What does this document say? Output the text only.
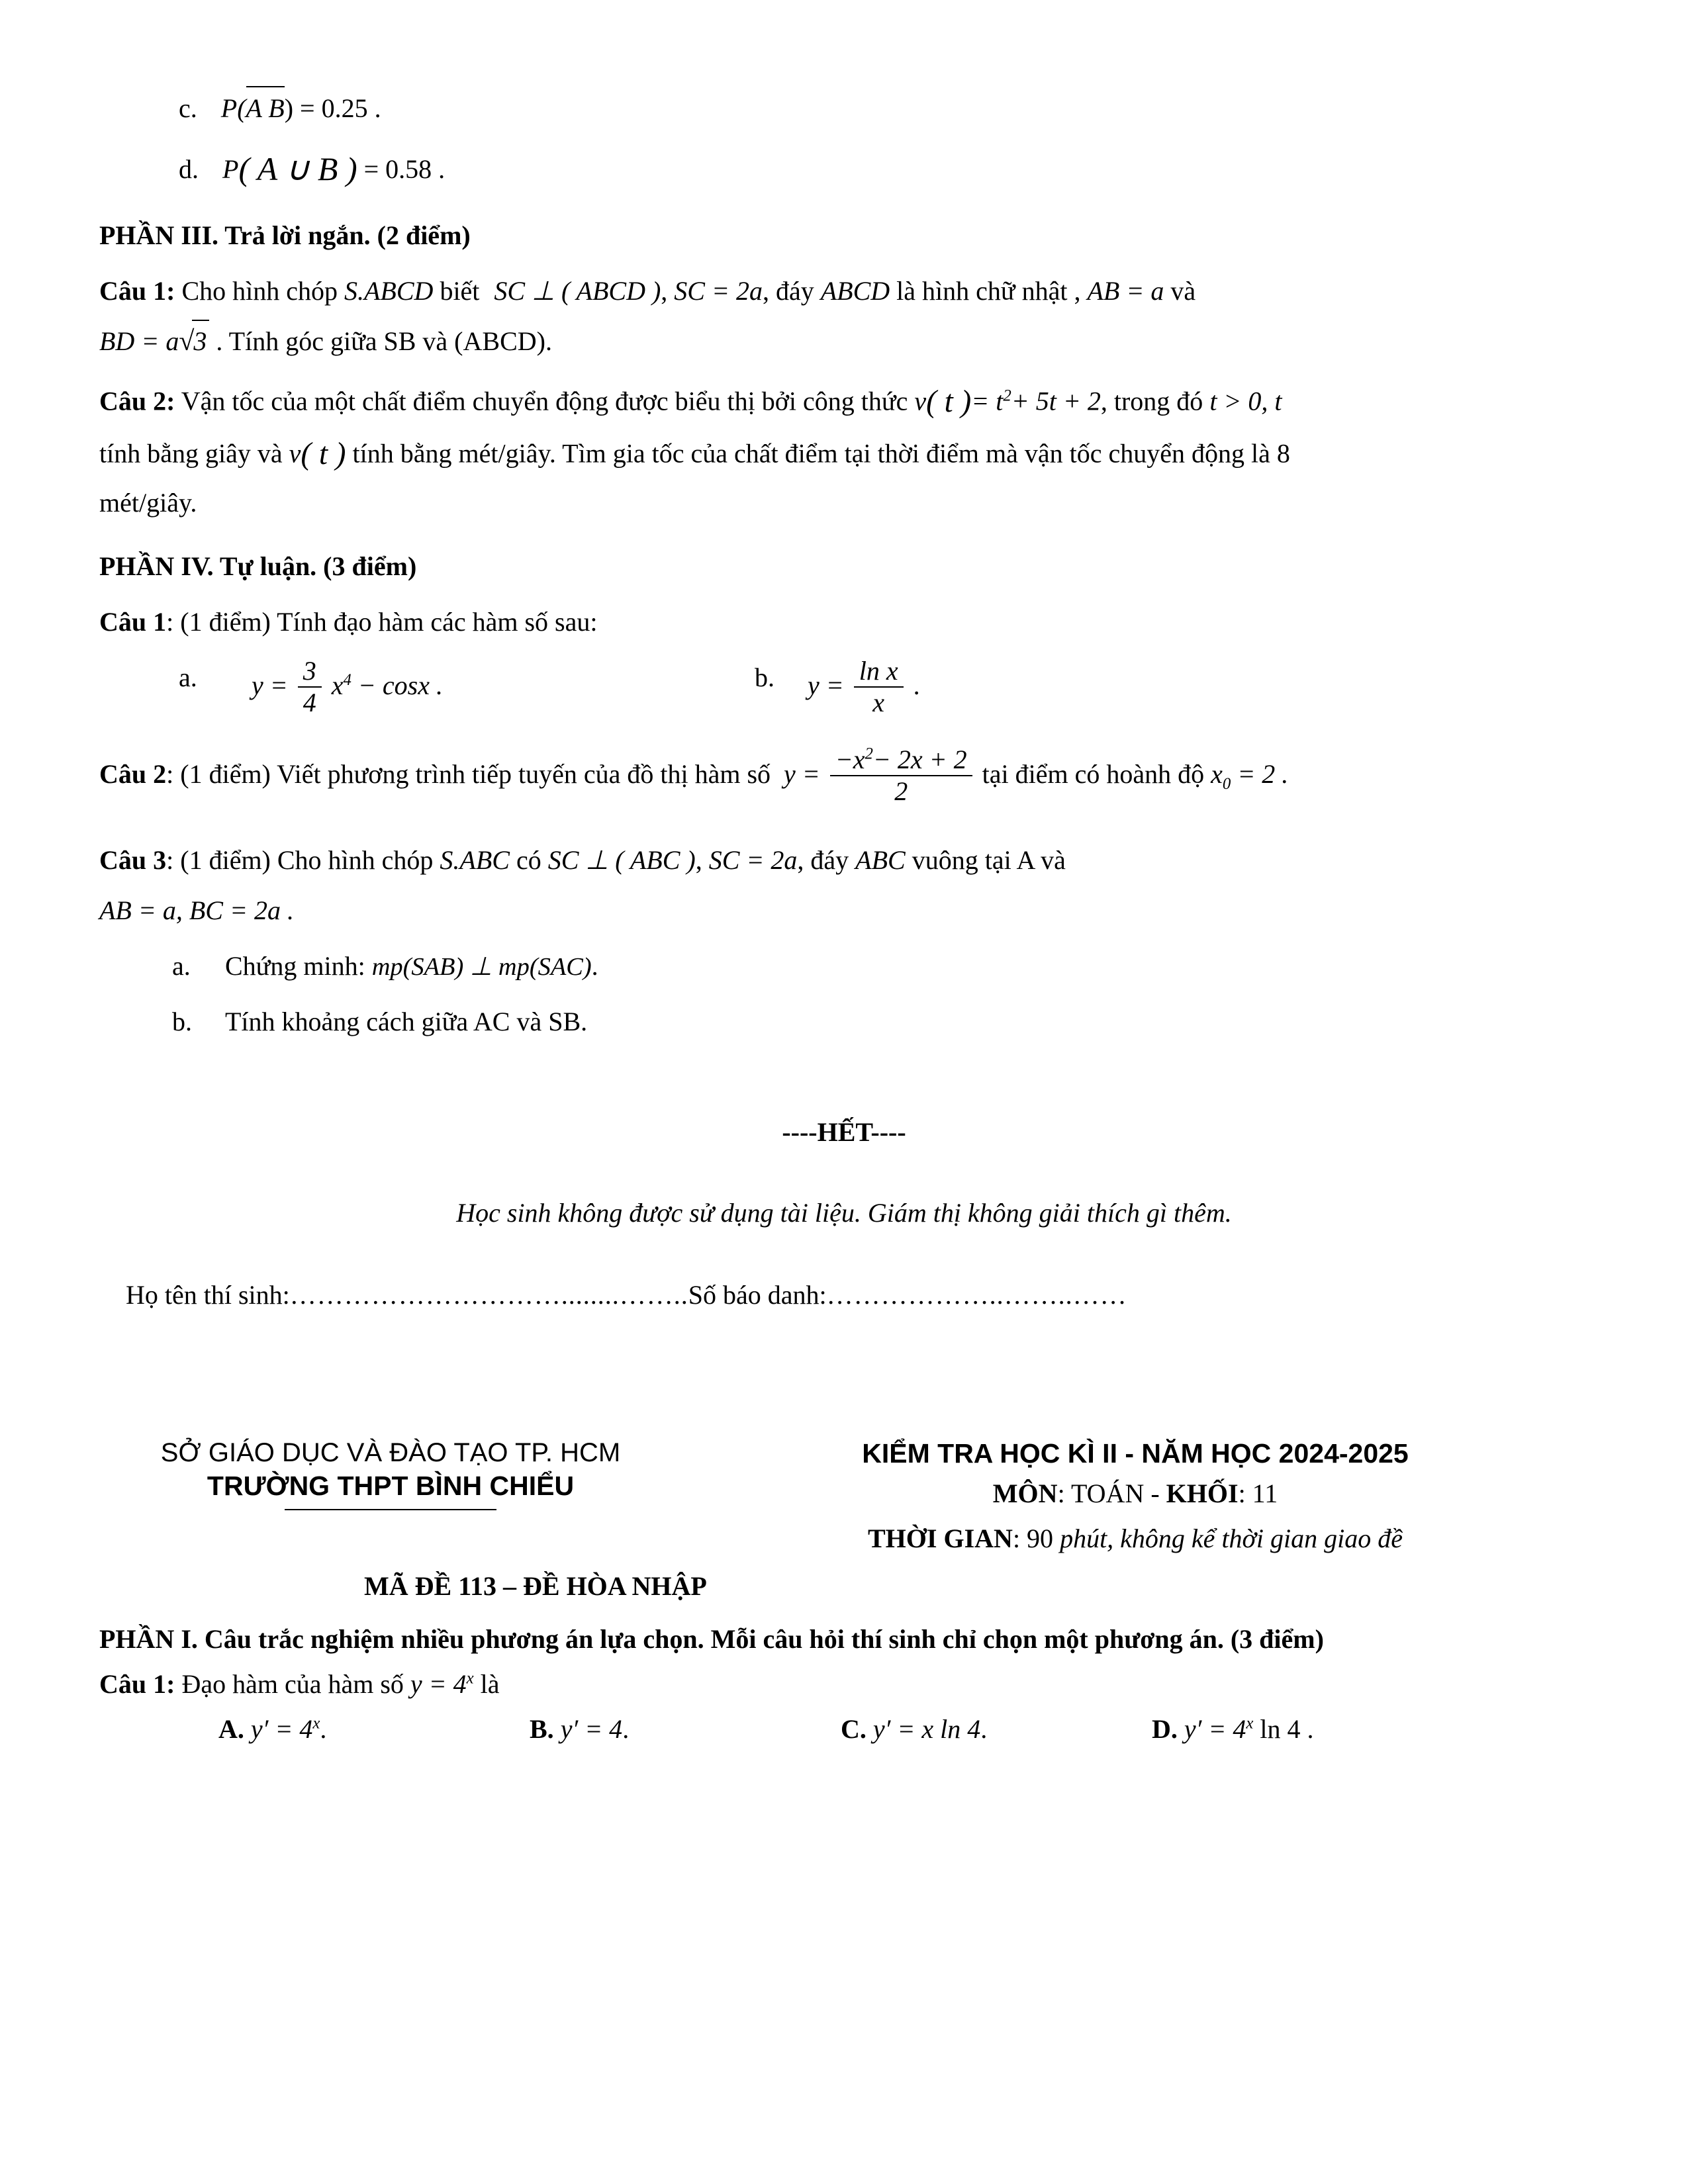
c. P(A B) = 0.25 .
d. P( A ∪ B ) = 0.58 .
PHẦN III. Trả lời ngắn. (2 điểm)
Câu 1: Cho hình chóp S.ABCD biết SC ⊥ ( ABCD ), SC = 2a, đáy ABCD là hình chữ nhật , AB = a và
BD = a√3 . Tính góc giữa SB và (ABCD).
Câu 2: Vận tốc của một chất điểm chuyển động được biểu thị bởi công thức v( t )= $t^2+ 5t + 2$, trong đó t > 0, t
tính bằng giây và v( t ) tính bằng mét/giây. Tìm gia tốc của chất điểm tại thời điểm mà vận tốc chuyển động là 8
mét/giây.
PHẦN IV. Tự luận. (3 điểm)
Câu 1: (1 điểm) Tính đạo hàm các hàm số sau:
a.	$y = \frac{3}{4} x^4 - \cos x$ .	b.	$y = \frac{\text{ln x}}{x}$ .
Câu 2: (1 điểm) Viết phương trình tiếp tuyến của đồ thị hàm số $y = \frac{-x^2- 2x + 2}{2}$ tại điểm có hoành độ $x_0 = 2$ .
Câu 3: (1 điểm) Cho hình chóp S.ABC có SC ⊥ ( ABC ), SC = 2a, đáy ABC vuông tại A và
AB = a, BC = 2a .
a.	Chứng minh: mp(SAB) ⊥ mp(SAC).
b.	Tính khoảng cách giữa AC và SB.
----HẾT----
Học sinh không được sử dụng tài liệu. Giám thị không giải thích gì thêm.
Họ tên thí sinh:…………………………........……..Số báo danh:………………..……..……
SỞ GIÁO DỤC VÀ ĐÀO TẠO TP. HCM
TRƯỜNG THPT BÌNH CHIỂU
KIỂM TRA HỌC KÌ II - NĂM HỌC 2024-2025
MÔN: TOÁN - KHỐI: 11
THỜI GIAN: 90 phút, không kể thời gian giao đề
MÃ ĐỀ 113 – ĐỀ HÒA NHẬP
PHẦN I. Câu trắc nghiệm nhiều phương án lựa chọn. Mỗi câu hỏi thí sinh chỉ chọn một phương án. (3 điểm)
Câu 1: Đạo hàm của hàm số $y = 4^x$ là
A. $y' = 4^x$.	B. y′ = 4.	C. y′ = x ln 4.	D. $y' = 4^x$ ln 4 .
